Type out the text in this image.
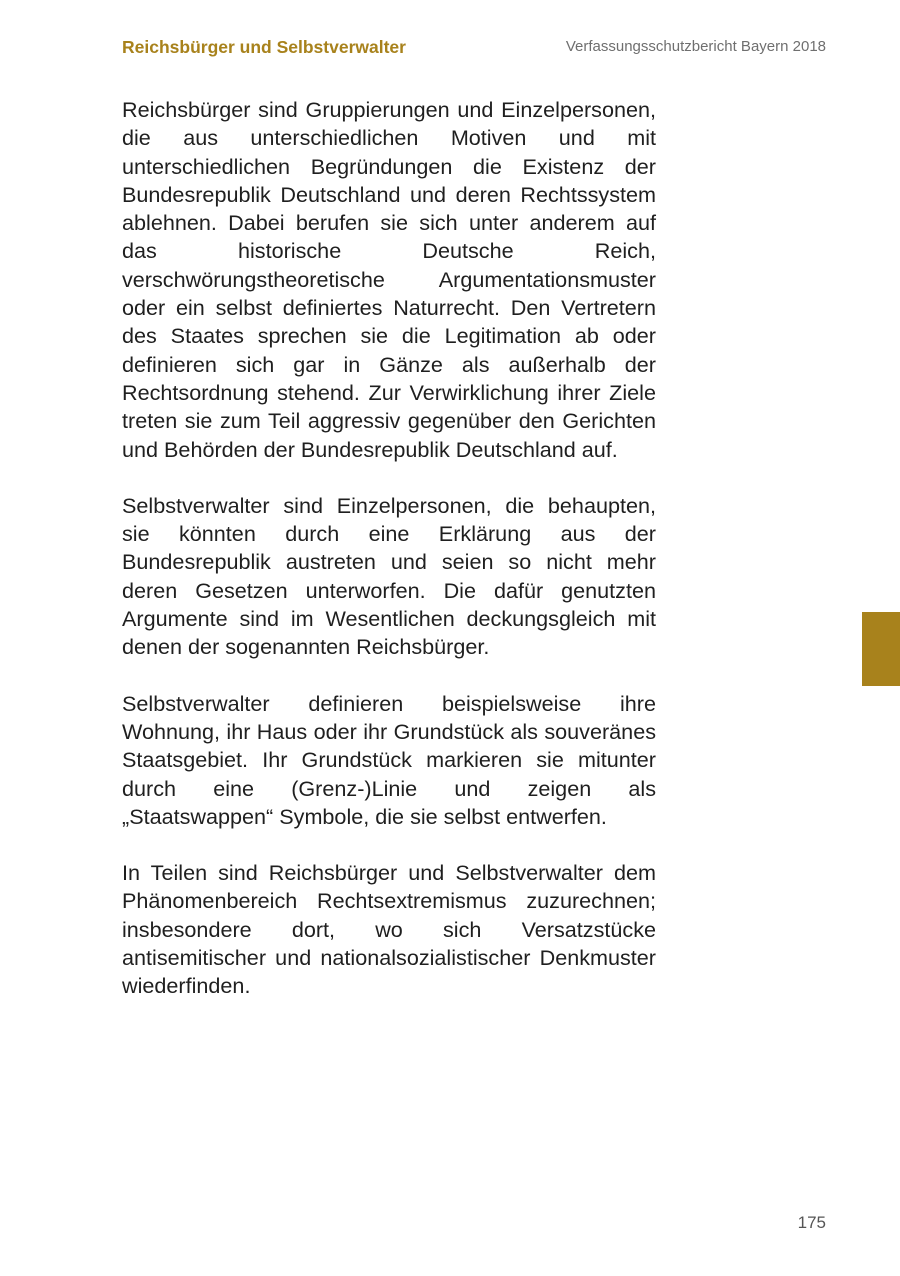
Reichsbürger und Selbstverwalter	Verfassungsschutzbericht Bayern 2018

Reichsbürger sind Gruppierungen und Einzelpersonen, die aus unterschiedlichen Motiven und mit unterschiedlichen Begründungen die Existenz der Bundesrepublik Deutschland und deren Rechtssystem ablehnen. Dabei berufen sie sich unter anderem auf das historische Deutsche Reich, verschwörungstheoretische Argumentationsmuster oder ein selbst definiertes Naturrecht. Den Vertretern des Staates sprechen sie die Legitimation ab oder definieren sich gar in Gänze als außerhalb der Rechtsordnung stehend. Zur Verwirklichung ihrer Ziele treten sie zum Teil aggressiv gegenüber den Gerichten und Behörden der Bundesrepublik Deutschland auf.

Selbstverwalter sind Einzelpersonen, die behaupten, sie könnten durch eine Erklärung aus der Bundesrepublik austreten und seien so nicht mehr deren Gesetzen unterworfen. Die dafür genutzten Argumente sind im Wesentlichen deckungsgleich mit denen der sogenannten Reichsbürger.

Selbstverwalter definieren beispielsweise ihre Wohnung, ihr Haus oder ihr Grundstück als souveränes Staatsgebiet. Ihr Grundstück markieren sie mitunter durch eine (Grenz-)Linie und zeigen als „Staatswappen“ Symbole, die sie selbst entwerfen.

In Teilen sind Reichsbürger und Selbstverwalter dem Phänomenbereich Rechtsextremismus zuzurechnen; insbesondere dort, wo sich Versatzstücke antisemitischer und nationalsozialistischer Denkmuster wiederfinden.

175
